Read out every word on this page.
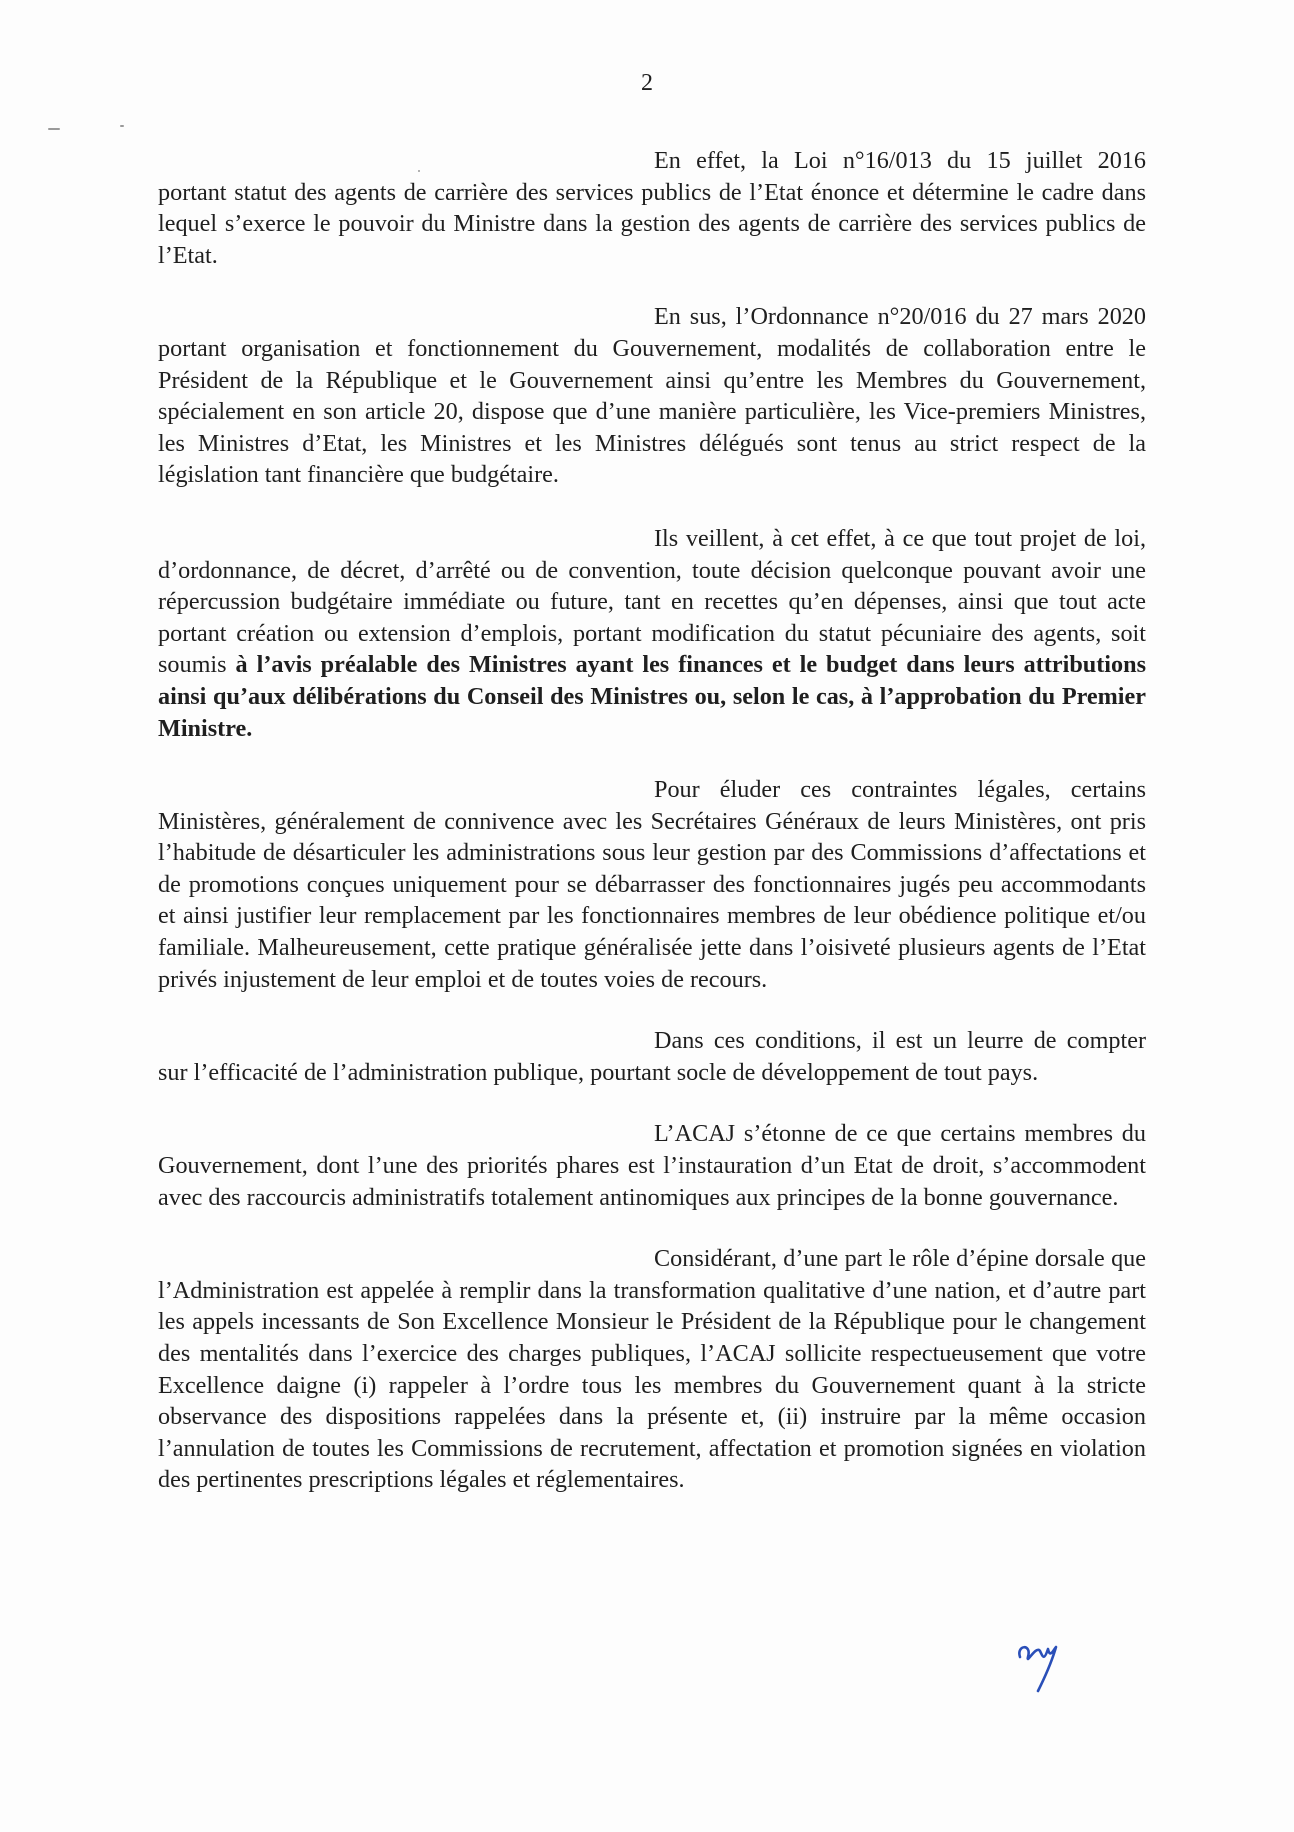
2

En effet, la Loi n°16/013 du 15 juillet 2016 portant statut des agents de carrière des services publics de l’Etat énonce et détermine le cadre dans lequel s’exerce le pouvoir du Ministre dans la gestion des agents de carrière des services publics de l’Etat.

En sus, l’Ordonnance n°20/016 du 27 mars 2020 portant organisation et fonctionnement du Gouvernement, modalités de collaboration entre le Président de la République et le Gouvernement ainsi qu’entre les Membres du Gouvernement, spécialement en son article 20, dispose que d’une manière particulière, les Vice-premiers Ministres, les Ministres d’Etat, les Ministres et les Ministres délégués sont tenus au strict respect de la législation tant financière que budgétaire.

Ils veillent, à cet effet, à ce que tout projet de loi, d’ordonnance, de décret, d’arrêté ou de convention, toute décision quelconque pouvant avoir une répercussion budgétaire immédiate ou future, tant en recettes qu’en dépenses, ainsi que tout acte portant création ou extension d’emplois, portant modification du statut pécuniaire des agents, soit soumis à l’avis préalable des Ministres ayant les finances et le budget dans leurs attributions ainsi qu’aux délibérations du Conseil des Ministres ou, selon le cas, à l’approbation du Premier Ministre.

Pour éluder ces contraintes légales, certains Ministères, généralement de connivence avec les Secrétaires Généraux de leurs Ministères, ont pris l’habitude de désarticuler les administrations sous leur gestion par des Commissions d’affectations et de promotions conçues uniquement pour se débarrasser des fonctionnaires jugés peu accommodants et ainsi justifier leur remplacement par les fonctionnaires membres de leur obédience politique et/ou familiale. Malheureusement, cette pratique généralisée jette dans l’oisiveté plusieurs agents de l’Etat privés injustement de leur emploi et de toutes voies de recours.

Dans ces conditions, il est un leurre de compter sur l’efficacité de l’administration publique, pourtant socle de développement de tout pays.

L’ACAJ s’étonne de ce que certains membres du Gouvernement, dont l’une des priorités phares est l’instauration d’un Etat de droit, s’accommodent avec des raccourcis administratifs totalement antinomiques aux principes de la bonne gouvernance.

Considérant, d’une part le rôle d’épine dorsale que l’Administration est appelée à remplir dans la transformation qualitative d’une nation, et d’autre part les appels incessants de Son Excellence Monsieur le Président de la République pour le changement des mentalités dans l’exercice des charges publiques, l’ACAJ sollicite respectueusement que votre Excellence daigne (i) rappeler à l’ordre tous les membres du Gouvernement quant à la stricte observance des dispositions rappelées dans la présente et, (ii) instruire par la même occasion l’annulation de toutes les Commissions de recrutement, affectation et promotion signées en violation des pertinentes prescriptions légales et réglementaires.
